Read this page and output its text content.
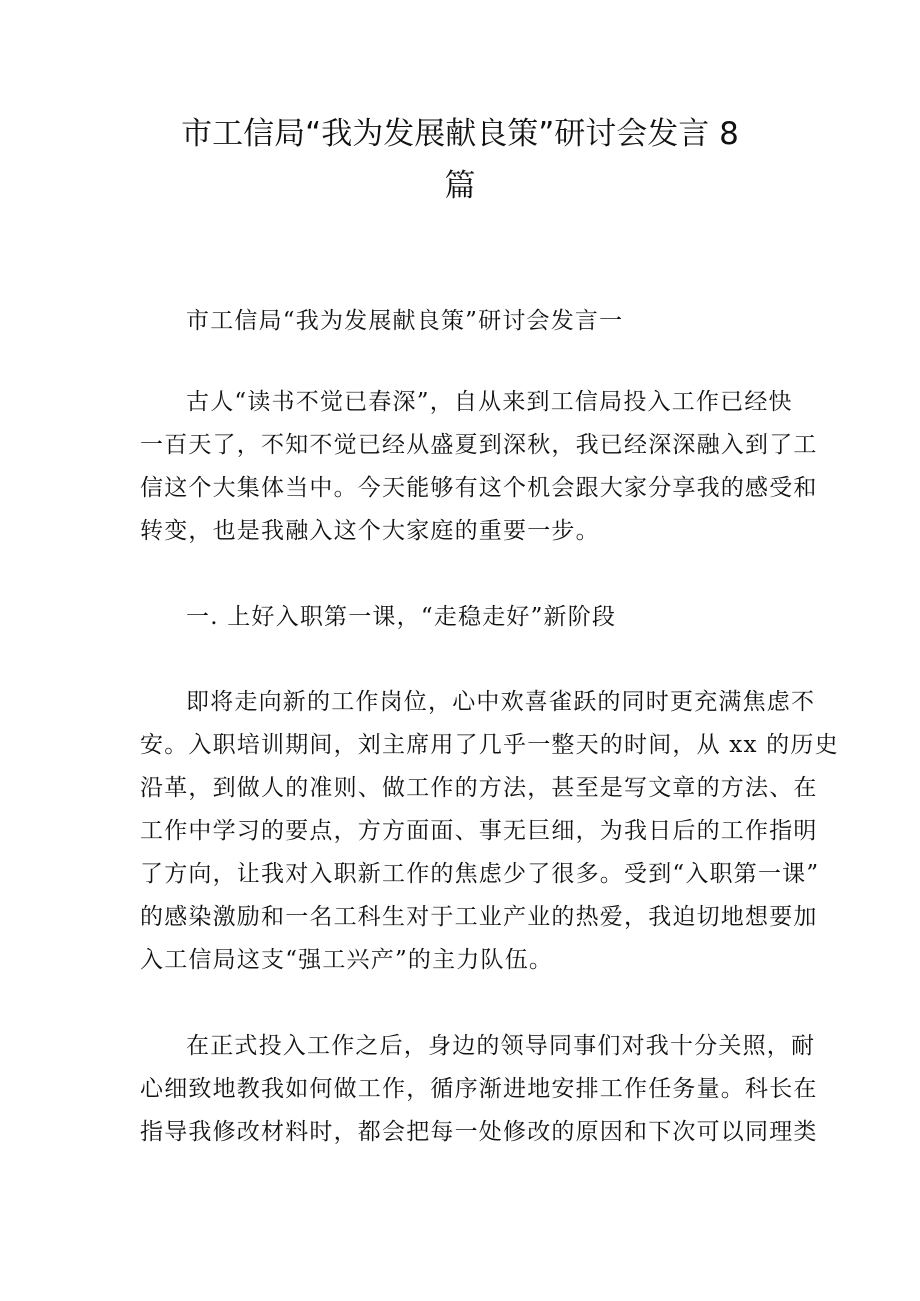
市工信局“我为发展献良策”研讨会发言 8
篇

市工信局“我为发展献良策”研讨会发言一

古人“读书不觉已春深”，自从来到工信局投入工作已经快
一百天了，不知不觉已经从盛夏到深秋，我已经深深融入到了工
信这个大集体当中。今天能够有这个机会跟大家分享我的感受和
转变，也是我融入这个大家庭的重要一步。

一. 上好入职第一课，“走稳走好”新阶段

即将走向新的工作岗位，心中欢喜雀跃的同时更充满焦虑不
安。入职培训期间，刘主席用了几乎一整天的时间，从 xx 的历史
沿革，到做人的准则、做工作的方法，甚至是写文章的方法、在
工作中学习的要点，方方面面、事无巨细，为我日后的工作指明
了方向，让我对入职新工作的焦虑少了很多。受到“入职第一课”
的感染激励和一名工科生对于工业产业的热爱，我迫切地想要加
入工信局这支“强工兴产”的主力队伍。

在正式投入工作之后，身边的领导同事们对我十分关照，耐
心细致地教我如何做工作，循序渐进地安排工作任务量。科长在
指导我修改材料时，都会把每一处修改的原因和下次可以同理类
